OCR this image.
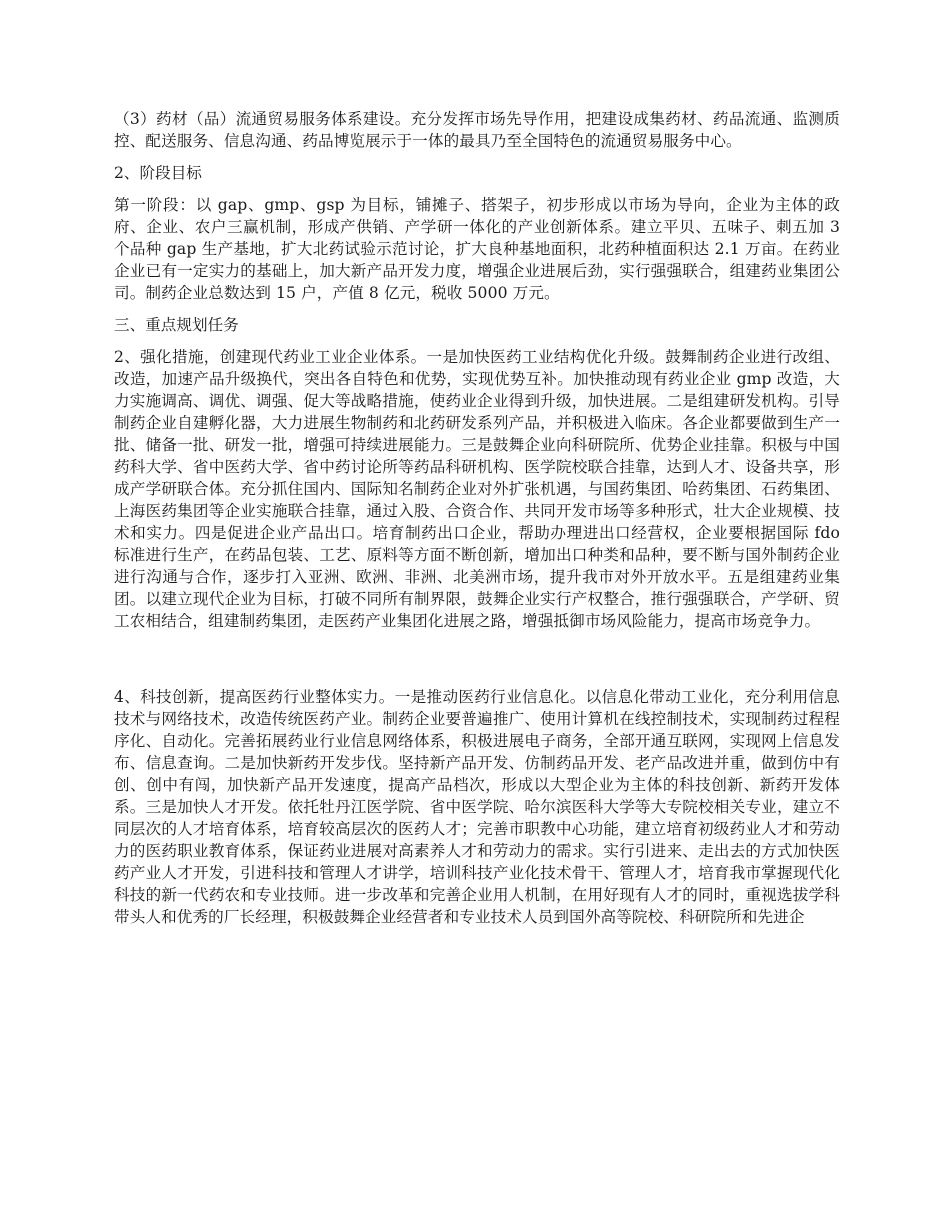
（3）药材（品）流通贸易服务体系建设。充分发挥市场先导作用，把建设成集药材、药品流通、监测质控、配送服务、信息沟通、药品博览展示于一体的最具乃至全国特色的流通贸易服务中心。

2、阶段目标

第一阶段：以 gap、gmp、gsp 为目标，铺摊子、搭架子，初步形成以市场为导向，企业为主体的政府、企业、农户三赢机制，形成产供销、产学研一体化的产业创新体系。建立平贝、五味子、刺五加 3 个品种 gap 生产基地，扩大北药试验示范讨论，扩大良种基地面积，北药种植面积达 2.1 万亩。在药业企业已有一定实力的基础上，加大新产品开发力度，增强企业进展后劲，实行强强联合，组建药业集团公司。制药企业总数达到 15 户，产值 8 亿元，税收 5000 万元。

三、重点规划任务

2、强化措施，创建现代药业工业企业体系。一是加快医药工业结构优化升级。鼓舞制药企业进行改组、改造，加速产品升级换代，突出各自特色和优势，实现优势互补。加快推动现有药业企业 gmp 改造，大力实施调高、调优、调强、促大等战略措施，使药业企业得到升级，加快进展。二是组建研发机构。引导制药企业自建孵化器，大力进展生物制药和北药研发系列产品，并积极进入临床。各企业都要做到生产一批、储备一批、研发一批，增强可持续进展能力。三是鼓舞企业向科研院所、优势企业挂靠。积极与中国药科大学、省中医药大学、省中药讨论所等药品科研机构、医学院校联合挂靠，达到人才、设备共享，形成产学研联合体。充分抓住国内、国际知名制药企业对外扩张机遇，与国药集团、哈药集团、石药集团、上海医药集团等企业实施联合挂靠，通过入股、合资合作、共同开发市场等多种形式，壮大企业规模、技术和实力。四是促进企业产品出口。培育制药出口企业，帮助办理进出口经营权，企业要根据国际 fdo 标准进行生产，在药品包装、工艺、原料等方面不断创新，增加出口种类和品种，要不断与国外制药企业进行沟通与合作，逐步打入亚洲、欧洲、非洲、北美洲市场，提升我市对外开放水平。五是组建药业集团。以建立现代企业为目标，打破不同所有制界限，鼓舞企业实行产权整合，推行强强联合，产学研、贸工农相结合，组建制药集团，走医药产业集团化进展之路，增强抵御市场风险能力，提高市场竞争力。

4、科技创新，提高医药行业整体实力。一是推动医药行业信息化。以信息化带动工业化，充分利用信息技术与网络技术，改造传统医药产业。制药企业要普遍推广、使用计算机在线控制技术，实现制药过程程序化、自动化。完善拓展药业行业信息网络体系，积极进展电子商务，全部开通互联网，实现网上信息发布、信息查询。二是加快新药开发步伐。坚持新产品开发、仿制药品开发、老产品改进并重，做到仿中有创、创中有闯，加快新产品开发速度，提高产品档次，形成以大型企业为主体的科技创新、新药开发体系。三是加快人才开发。依托牡丹江医学院、省中医学院、哈尔滨医科大学等大专院校相关专业，建立不同层次的人才培育体系，培育较高层次的医药人才；完善市职教中心功能，建立培育初级药业人才和劳动力的医药职业教育体系，保证药业进展对高素养人才和劳动力的需求。实行引进来、走出去的方式加快医药产业人才开发，引进科技和管理人才讲学，培训科技产业化技术骨干、管理人才，培育我市掌握现代化科技的新一代药农和专业技师。进一步改革和完善企业用人机制，在用好现有人才的同时，重视选拔学科带头人和优秀的厂长经理，积极鼓舞企业经营者和专业技术人员到国外高等院校、科研院所和先进企
